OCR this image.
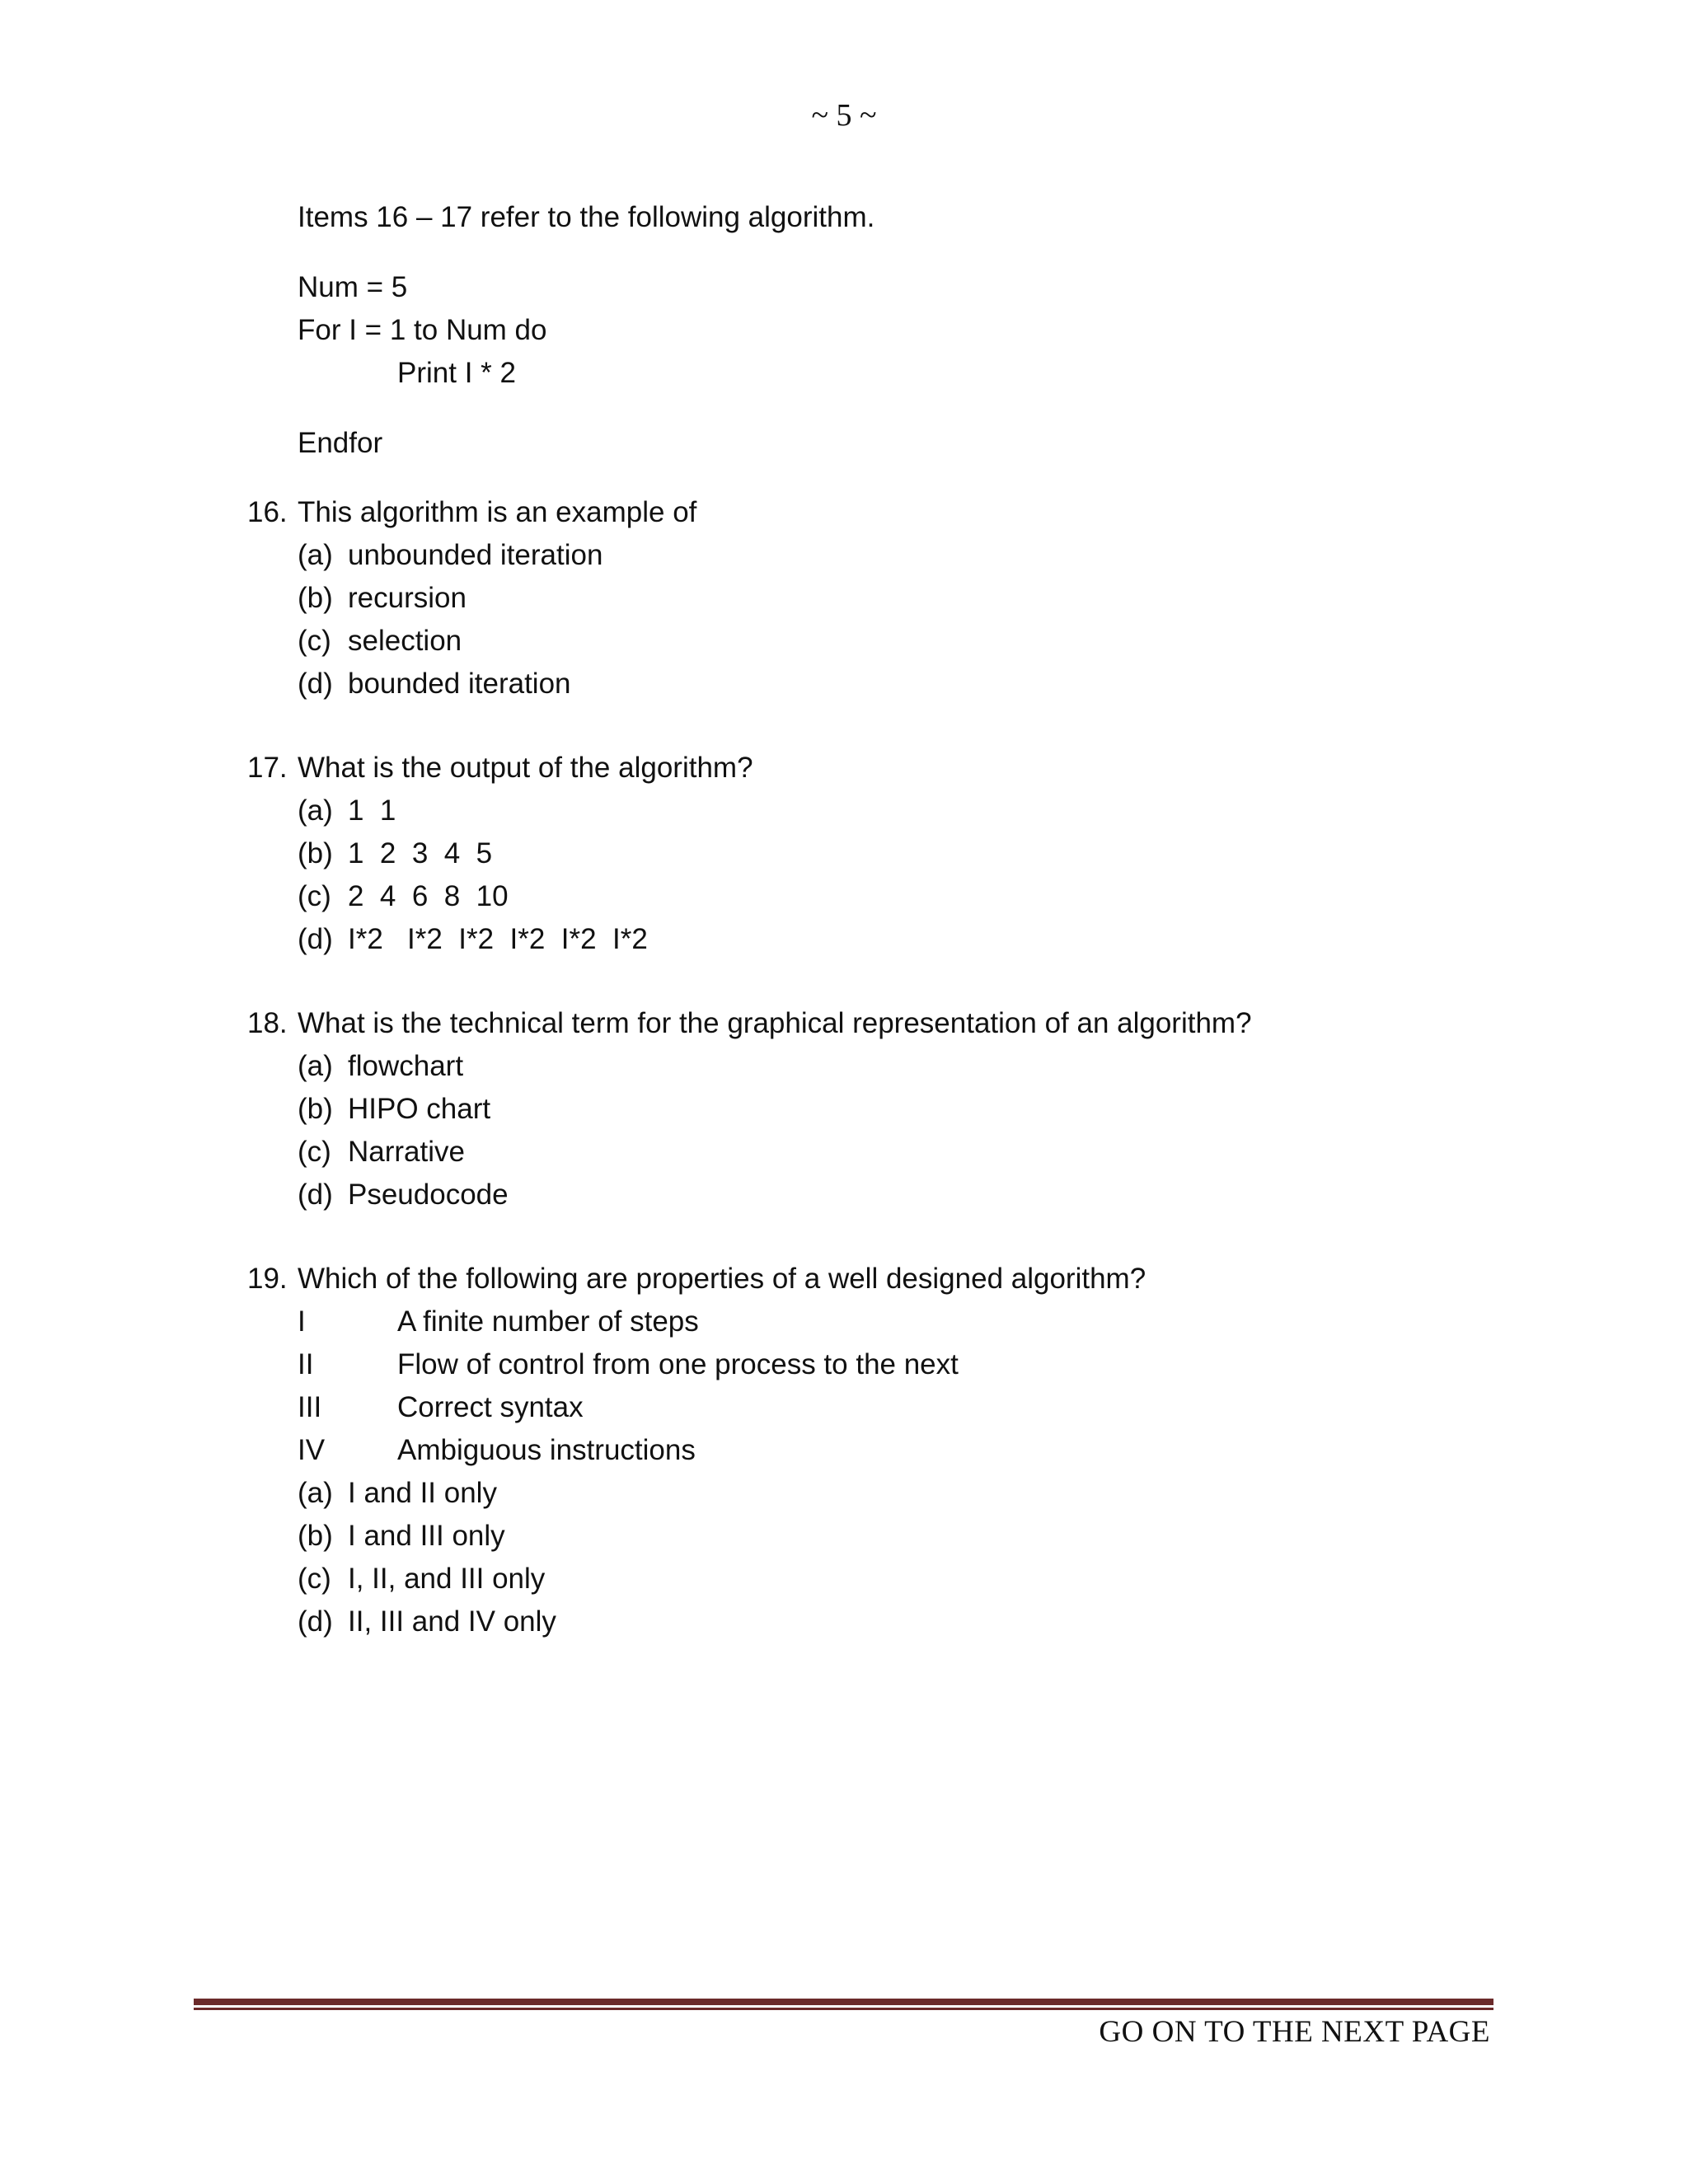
~ 5 ~
Items 16 – 17 refer to the following algorithm.
Num = 5
For I = 1 to Num do
Print I * 2
Endfor
16. This algorithm is an example of
(a) unbounded iteration
(b) recursion
(c) selection
(d) bounded iteration
17. What is the output of the algorithm?
(a) 1  1
(b) 1  2  3  4  5
(c) 2  4  6  8  10
(d) I*2   I*2  I*2  I*2  I*2  I*2
18. What is the technical term for the graphical representation of an algorithm?
(a) flowchart
(b) HIPO chart
(c) Narrative
(d) Pseudocode
19. Which of the following are properties of a well designed algorithm?
I	A finite number of steps
II	Flow of control from one process to the next
III	Correct syntax
IV	Ambiguous instructions
(a) I and II only
(b) I and III only
(c) I, II, and III only
(d) II, III and IV only
GO ON TO THE NEXT PAGE
